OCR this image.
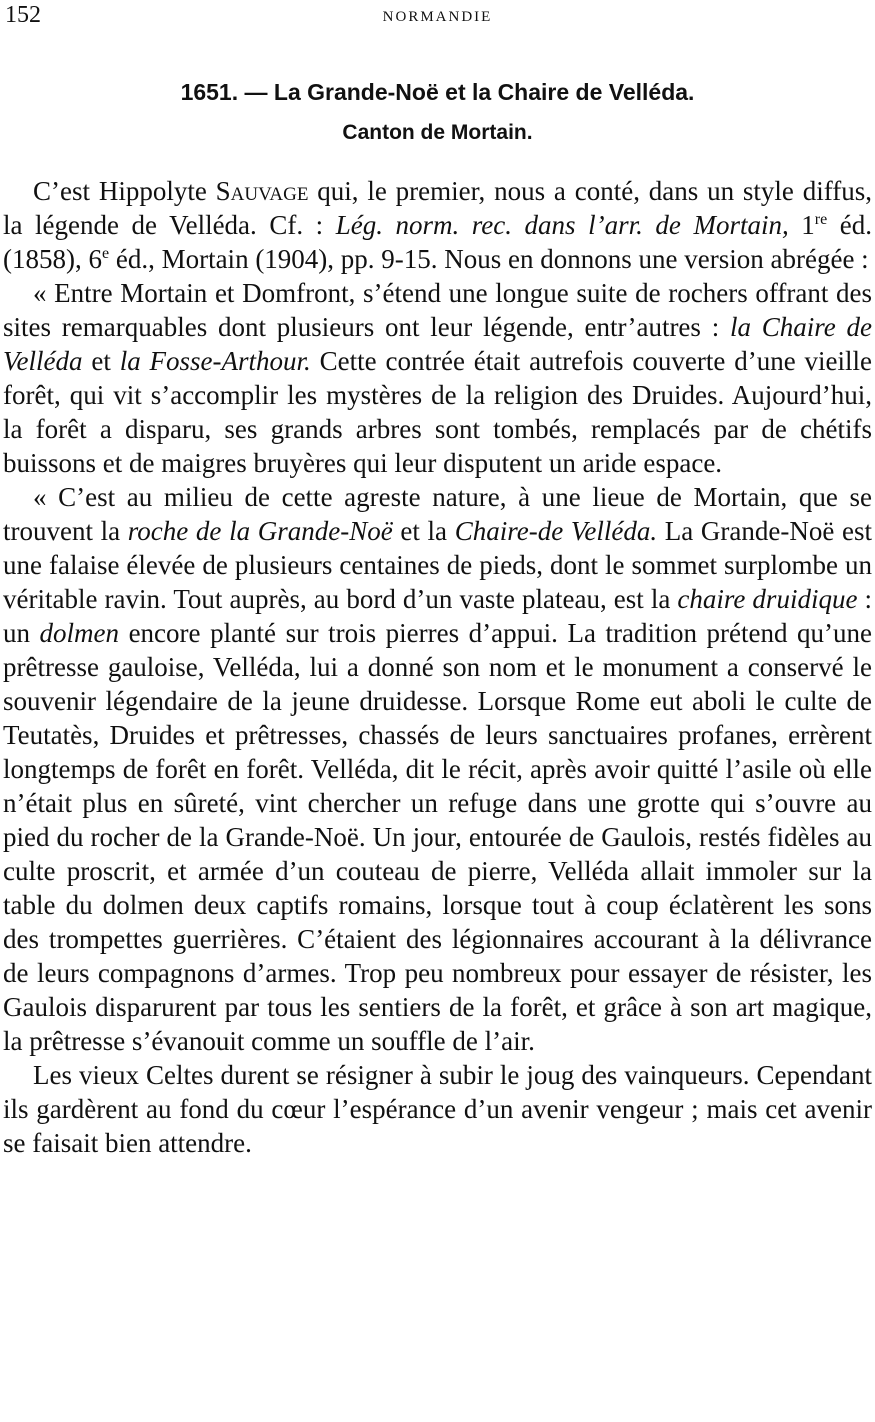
152	NORMANDIE
1651. — La Grande-Noë et la Chaire de Velléda.
Canton de Mortain.

C’est Hippolyte Sauvage qui, le premier, nous a conté, dans un style diffus, la légende de Velléda. Cf. : Lég. norm. rec. dans l’arr. de Mortain, 1re éd. (1858), 6e éd., Mortain (1904), pp. 9-15. Nous en donnons une version abrégée :

« Entre Mortain et Domfront, s’étend une longue suite de rochers offrant des sites remarquables dont plusieurs ont leur légende, entr’autres : la Chaire de Velléda et la Fosse-Arthour. Cette contrée était autrefois couverte d’une vieille forêt, qui vit s’accomplir les mystères de la religion des Druides. Aujourd’hui, la forêt a disparu, ses grands arbres sont tombés, remplacés par de chétifs buissons et de maigres bruyères qui leur disputent un aride espace.

« C’est au milieu de cette agreste nature, à une lieue de Mortain, que se trouvent la roche de la Grande-Noë et la Chaire-de Velléda. La Grande-Noë est une falaise élevée de plusieurs centaines de pieds, dont le sommet surplombe un véritable ravin. Tout auprès, au bord d’un vaste plateau, est la chaire druidique : un dolmen encore planté sur trois pierres d’appui. La tradition prétend qu’une prêtresse gauloise, Velléda, lui a donné son nom et le monument a conservé le souvenir légendaire de la jeune druidesse. Lorsque Rome eut aboli le culte de Teutatès, Druides et prêtresses, chassés de leurs sanctuaires profanes, errèrent longtemps de forêt en forêt. Velléda, dit le récit, après avoir quitté l’asile où elle n’était plus en sûreté, vint chercher un refuge dans une grotte qui s’ouvre au pied du rocher de la Grande-Noë. Un jour, entourée de Gaulois, restés fidèles au culte proscrit, et armée d’un couteau de pierre, Velléda allait immoler sur la table du dolmen deux captifs romains, lorsque tout à coup éclatèrent les sons des trompettes guerrières. C’étaient des légionnaires accourant à la délivrance de leurs compagnons d’armes. Trop peu nombreux pour essayer de résister, les Gaulois disparurent par tous les sentiers de la forêt, et grâce à son art magique, la prêtresse s’évanouit comme un souffle de l’air.

Les vieux Celtes durent se résigner à subir le joug des vainqueurs. Cependant ils gardèrent au fond du cœur l’espérance d’un avenir vengeur ; mais cet avenir se faisait bien attendre.
